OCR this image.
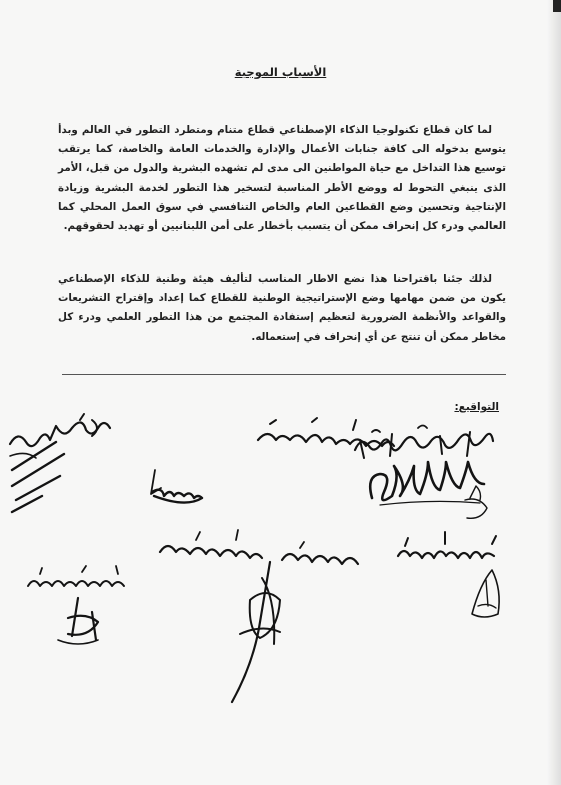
الأسباب الموجبة
لما كان قطاع تكنولوجيا الذكاء الإصطناعي قطاع متنام ومتطرد التطور في العالم وبدأ يتوسع بدخوله الى كافة جنابات الأعمال والإدارة والخدمات العامة والخاصة، كما يرتقب توسيع هذا التداخل مع حياة المواطنين الى مدى لم تشهده البشرية والدول من قبل، الأمر الذى ينبغي التحوط له ووضع الأطر المناسبة لتسخير هذا التطور لخدمة البشرية وزيادة الإنتاجية وتحسين وضع القطاعين العام والخاص التنافسي في سوق العمل المحلي كما العالمي ودرء كل إنحراف ممكن أن يتسبب بأخطار على أمن اللبنانيين أو تهديد لحقوقهم.
لذلك جئنا باقتراحنا هذا نضع الاطار المناسب لتأليف هيئة وطنية للذكاء الإصطناعي يكون من ضمن مهامها وضع الإستراتيجية الوطنية للقطاع كما إعداد وإقتراح التشريعات والقواعد والأنظمة الضرورية لتعظيم إستفادة المجتمع من هذا التطور العلمي ودرء كل مخاطر ممكن أن تنتج عن أي إنحراف في إستعماله.
التواقيع:
